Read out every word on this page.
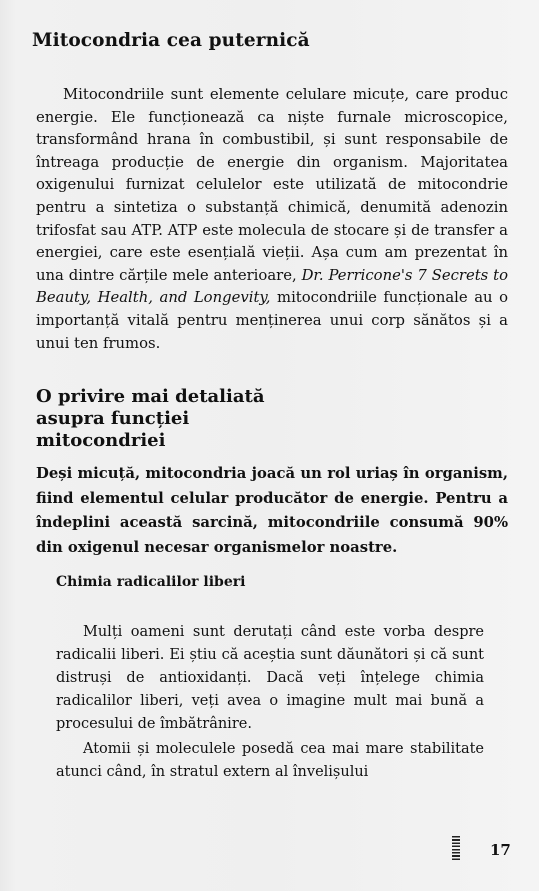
Mitocondria cea puternică

Mitocondriile sunt elemente celulare micuțe, care produc energie. Ele funcționează ca niște furnale microscopice, transformând hrana în combustibil, și sunt responsabile de întreaga producție de energie din organism. Majoritatea oxigenului furnizat celulelor este utilizată de mitocondrie pentru a sintetiza o substanță chimică, denumită adenozin trifosfat sau ATP. ATP este molecula de stocare și de transfer a energiei, care este esențială vieții. Așa cum am prezentat în una dintre cărțile mele anterioare, Dr. Perricone's 7 Secrets to Beauty, Health, and Longevity, mitocondriile funcționale au o importanță vitală pentru menținerea unui corp sănătos și a unui ten frumos.

O privire mai detaliată asupra funcției mitocondriei

Deși micuță, mitocondria joacă un rol uriaș în organism, fiind elementul celular producător de energie. Pentru a îndeplini această sarcină, mitocondriile consumă 90% din oxigenul necesar organismelor noastre.

Chimia radicalilor liberi

Mulți oameni sunt derutați când este vorba despre radicalii liberi. Ei știu că aceștia sunt dăunători și că sunt distruși de antioxidanți. Dacă veți înțelege chimia radicalilor liberi, veți avea o imagine mult mai bună a procesului de îmbătrânire.

Atomii și moleculele posedă cea mai mare stabilitate atunci când, în stratul extern al învelișului

17
